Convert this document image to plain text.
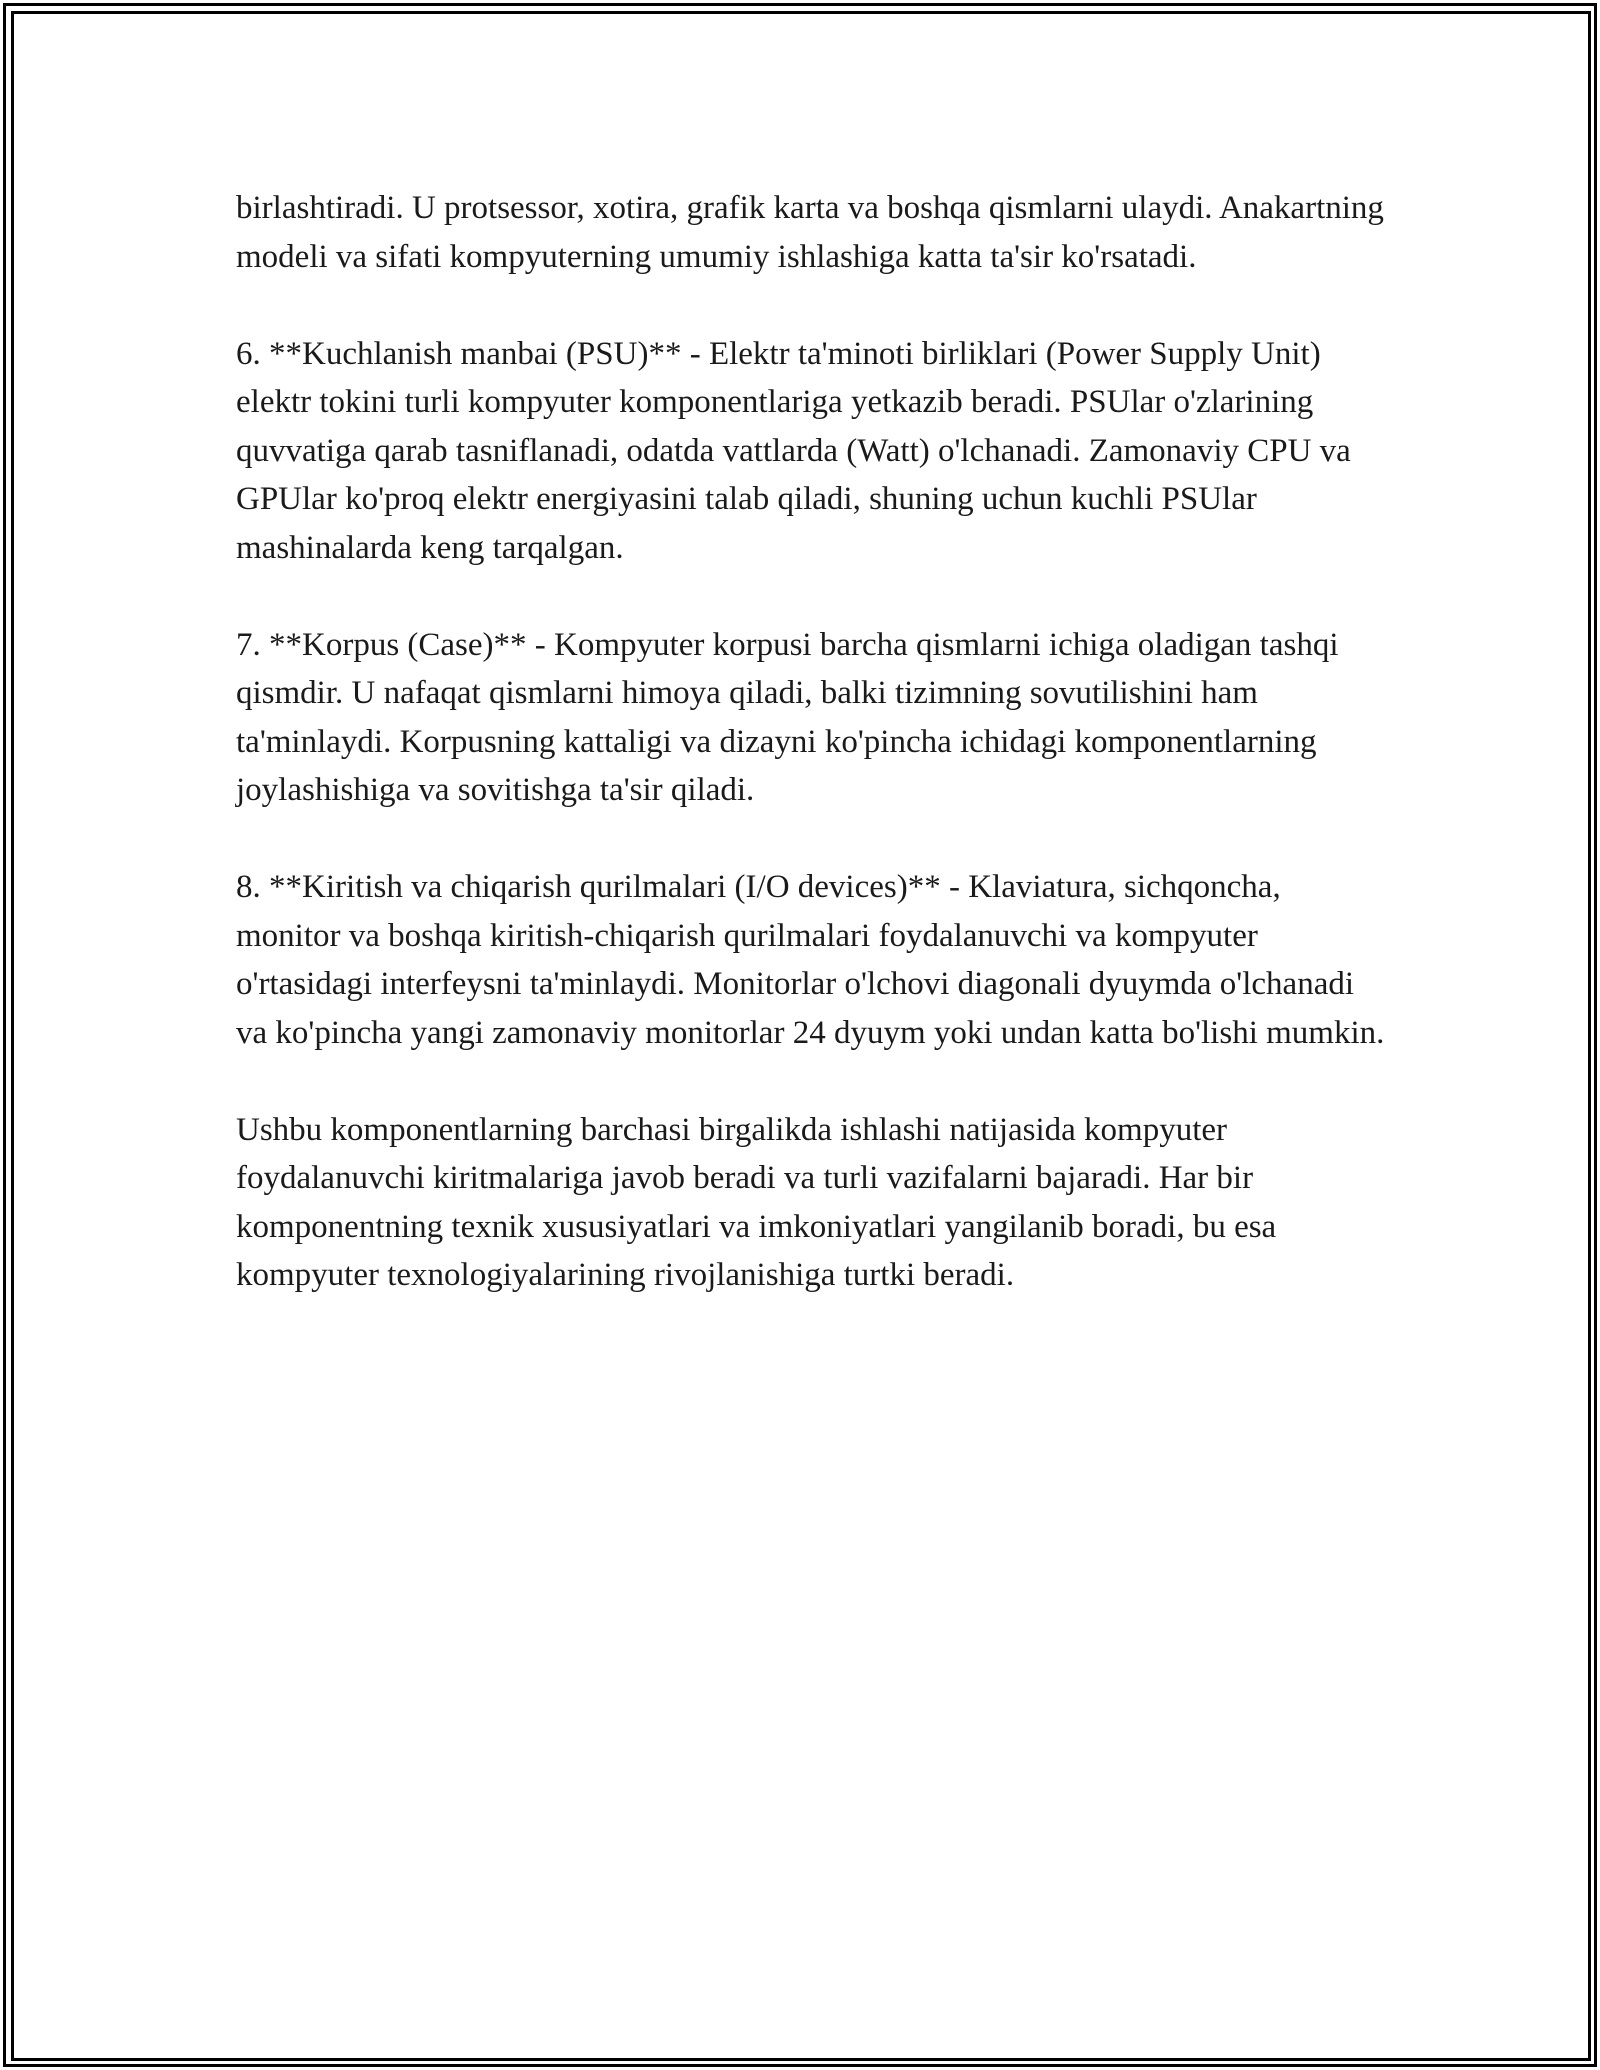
birlashtiradi. U protsessor, xotira, grafik karta va boshqa qismlarni ulaydi. Anakartning modeli va sifati kompyuterning umumiy ishlashiga katta ta'sir ko'rsatadi.

6. **Kuchlanish manbai (PSU)** - Elektr ta'minoti birliklari (Power Supply Unit) elektr tokini turli kompyuter komponentlariga yetkazib beradi. PSUlar o'zlarining quvvatiga qarab tasniflanadi, odatda vattlarda (Watt) o'lchanadi. Zamonaviy CPU va GPUlar ko'proq elektr energiyasini talab qiladi, shuning uchun kuchli PSUlar mashinalarda keng tarqalgan.

7. **Korpus (Case)** - Kompyuter korpusi barcha qismlarni ichiga oladigan tashqi qismdir. U nafaqat qismlarni himoya qiladi, balki tizimning sovutilishini ham ta'minlaydi. Korpusning kattaligi va dizayni ko'pincha ichidagi komponentlarning joylashishiga va sovitishga ta'sir qiladi.

8. **Kiritish va chiqarish qurilmalari (I/O devices)** - Klaviatura, sichqoncha, monitor va boshqa kiritish-chiqarish qurilmalari foydalanuvchi va kompyuter o'rtasidagi interfeysni ta'minlaydi. Monitorlar o'lchovi diagonali dyuymda o'lchanadi va ko'pincha yangi zamonaviy monitorlar 24 dyuym yoki undan katta bo'lishi mumkin.

Ushbu komponentlarning barchasi birgalikda ishlashi natijasida kompyuter foydalanuvchi kiritmalariga javob beradi va turli vazifalarni bajaradi. Har bir komponentning texnik xususiyatlari va imkoniyatlari yangilanib boradi, bu esa kompyuter texnologiyalarining rivojlanishiga turtki beradi.
